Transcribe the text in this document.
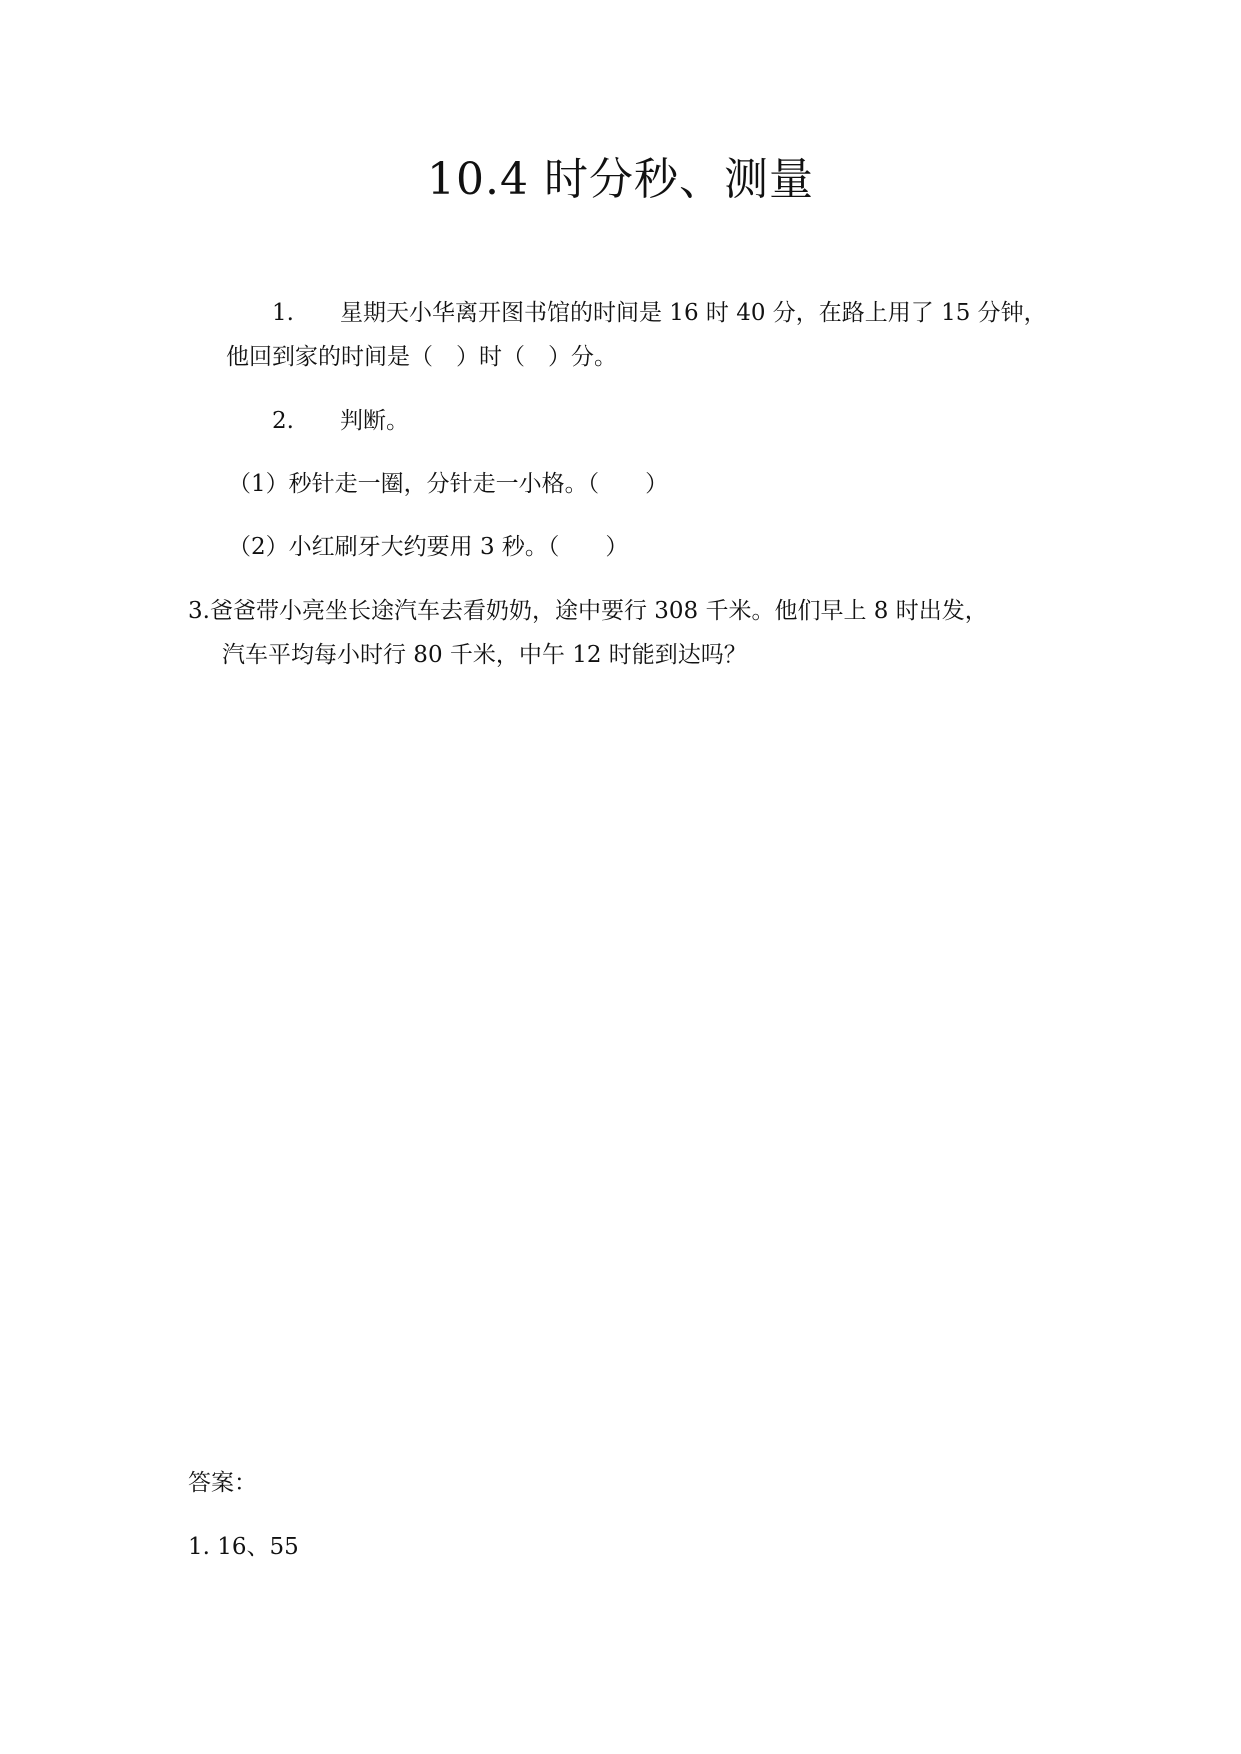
10.4 时分秒、测量
1. 星期天小华离开图书馆的时间是 16 时 40 分，在路上用了 15 分钟，
他回到家的时间是（　）时（　）分。
2. 判断。
（1）秒针走一圈，分针走一小格。（　　）
（2）小红刷牙大约要用 3 秒。（　　）
3.爸爸带小亮坐长途汽车去看奶奶，途中要行 308 千米。他们早上 8 时出发，
汽车平均每小时行 80 千米，中午 12 时能到达吗？
答案：
1. 16、55
